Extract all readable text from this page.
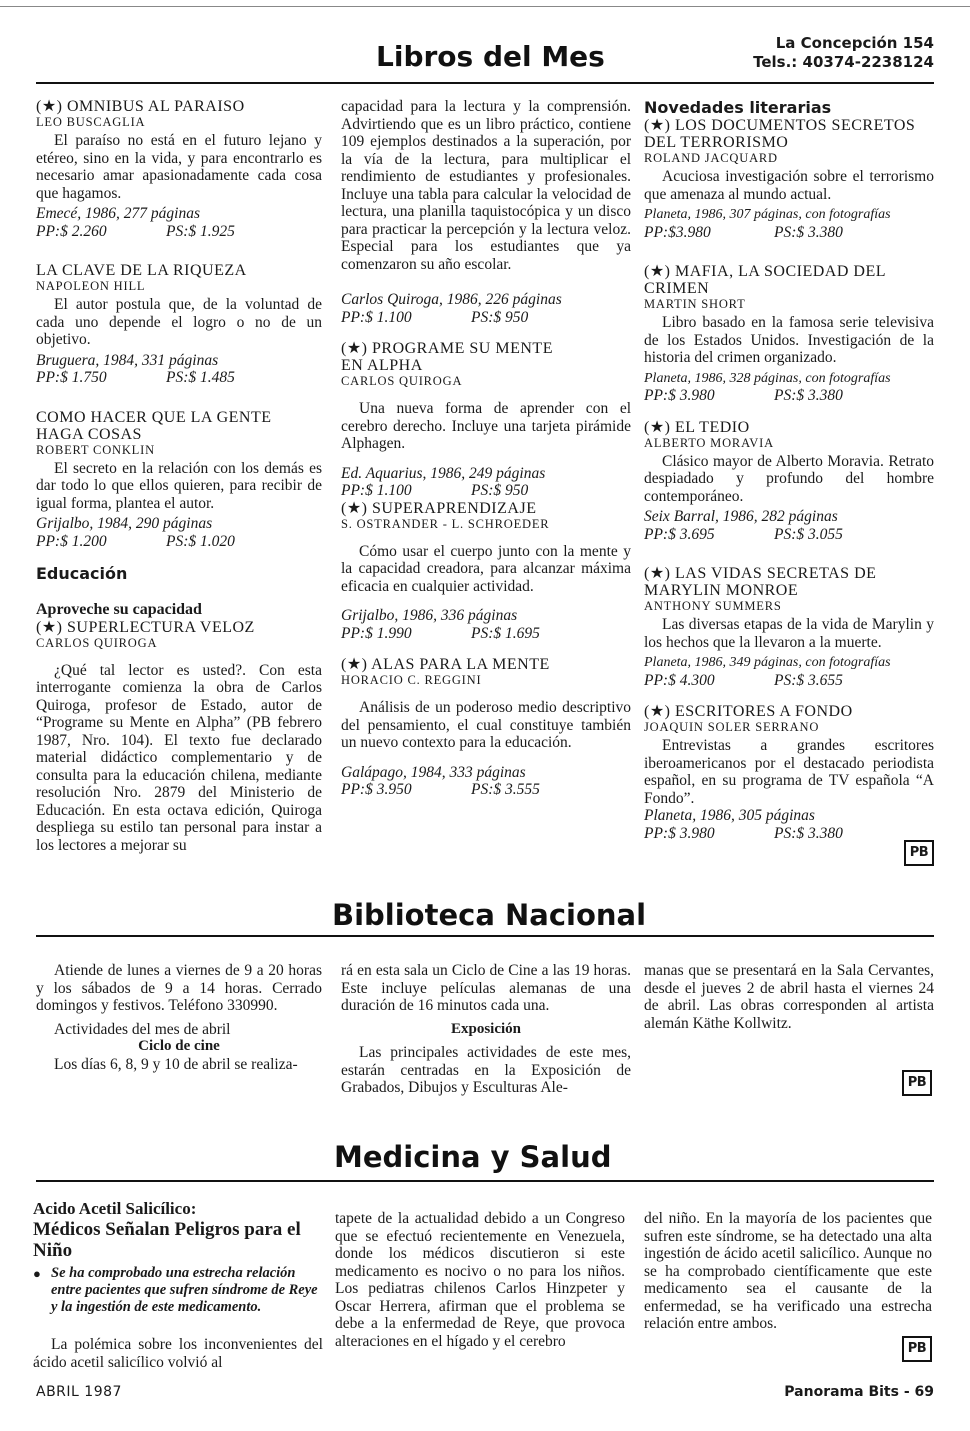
Libros del Mes	La Concepción 154
Tels.: 40374-2238124
(★) OMNIBUS AL PARAISO
LEO BUSCAGLIA

El paraíso no está en el futuro lejano y etéreo, sino en la vida, y para encontrarlo es necesario amar apasionadamente cada cosa que hagamos.

Emecé, 1986, 277 páginas
PP:$ 2.260	PS:$ 1.925
LA CLAVE DE LA RIQUEZA
NAPOLEON HILL

El autor postula que, de la voluntad de cada uno depende el logro o no de un objetivo.

Bruguera, 1984, 331 páginas
PP:$ 1.750	PS:$ 1.485
COMO HACER QUE LA GENTE HAGA COSAS
ROBERT CONKLIN

El secreto en la relación con los demás es dar todo lo que ellos quieren, para recibir de igual forma, plantea el autor.

Grijalbo, 1984, 290 páginas
PP:$ 1.200	PS:$ 1.020
Educación
Aproveche su capacidad
(★) SUPERLECTURA VELOZ
CARLOS QUIROGA

¿Qué tal lector es usted?. Con esta interrogante comienza la obra de Carlos Quiroga, profesor de Estado, autor de “Programe su Mente en Alpha” (PB febrero 1987, Nro. 104). El texto fue declarado material didáctico complementario y de consulta para la educación chilena, mediante resolución Nro. 2879 del Ministerio de Educación. En esta octava edición, Quiroga despliega su estilo tan personal para instar a los lectores a mejorar su

capacidad para la lectura y la comprensión. Advirtiendo que es un libro práctico, contiene 109 ejemplos destinados a la superación, por la vía de la lectura, para multiplicar el rendimiento de estudiantes y profesionales. Incluye una tabla para calcular la velocidad de lectura, una planilla taquistocópica y un disco para practicar la percepción y la lectura veloz. Especial para los estudiantes que ya comenzaron su año escolar.

Carlos Quiroga, 1986, 226 páginas
PP:$ 1.100	PS:$ 950
(★) PROGRAME SU MENTE EN ALPHA
CARLOS QUIROGA

Una nueva forma de aprender con el cerebro derecho. Incluye una tarjeta pirámide Alphagen.

Ed. Aquarius, 1986, 249 páginas
PP:$ 1.100	PS:$ 950
(★) SUPERAPRENDIZAJE
S. OSTRANDER - L. SCHROEDER

Cómo usar el cuerpo junto con la mente y la capacidad creadora, para alcanzar máxima eficacia en cualquier actividad.

Grijalbo, 1986, 336 páginas
PP:$ 1.990	PS:$ 1.695
(★) ALAS PARA LA MENTE
HORACIO C. REGGINI

Análisis de un poderoso medio descriptivo del pensamiento, el cual constituye también un nuevo contexto para la educación.

Galápago, 1984, 333 páginas
PP:$ 3.950	PS:$ 3.555
Novedades literarias
(★) LOS DOCUMENTOS SECRETOS DEL TERRORISMO
ROLAND JACQUARD

Acuciosa investigación sobre el terrorismo que amenaza al mundo actual.

Planeta, 1986, 307 páginas, con fotografías
PP:$3.980	PS:$ 3.380
(★) MAFIA, LA SOCIEDAD DEL CRIMEN
MARTIN SHORT

Libro basado en la famosa serie televisiva de los Estados Unidos. Investigación de la historia del crimen organizado.

Planeta, 1986, 328 páginas, con fotografías
PP:$ 3.980	PS:$ 3.380
(★) EL TEDIO
ALBERTO MORAVIA

Clásico mayor de Alberto Moravia. Retrato despiadado y profundo del hombre contemporáneo.

Seix Barral, 1986, 282 páginas
PP:$ 3.695	PS:$ 3.055
(★) LAS VIDAS SECRETAS DE MARYLIN MONROE
ANTHONY SUMMERS

Las diversas etapas de la vida de Marylin y los hechos que la llevaron a la muerte.

Planeta, 1986, 349 páginas, con fotografías
PP:$ 4.300	PS:$ 3.655
(★) ESCRITORES A FONDO
JOAQUIN SOLER SERRANO

Entrevistas a grandes escritores iberoamericanos por el destacado periodista español, en su programa de TV española “A Fondo”.

Planeta, 1986, 305 páginas
PP:$ 3.980	PS:$ 3.380
PB
Biblioteca Nacional

Atiende de lunes a viernes de 9 a 20 horas y los sábados de 9 a 14 horas. Cerrado domingos y festivos. Teléfono 330990.

Actividades del mes de abril

Ciclo de cine

Los días 6, 8, 9 y 10 de abril se realiza-

rá en esta sala un Ciclo de Cine a las 19 horas. Este incluye películas alemanas de una duración de 16 minutos cada una.

Exposición

Las principales actividades de este mes, estarán centradas en la Exposición de Grabados, Dibujos y Esculturas Ale-

manas que se presentará en la Sala Cervantes, desde el jueves 2 de abril hasta el viernes 24 de abril. Las obras corresponden al artista alemán Käthe Kollwitz.

PB
Medicina y Salud
Acido Acetil Salicílico:
Médicos Señalan Peligros para el Niño
● Se ha comprobado una estrecha relación entre pacientes que sufren síndrome de Reye y la ingestión de este medicamento.

La polémica sobre los inconvenientes del ácido acetil salicílico volvió al

tapete de la actualidad debido a un Congreso que se efectuó recientemente en Venezuela, donde los médicos discutieron si este medicamento es nocivo o no para los niños. Los pediatras chilenos Carlos Hinzpeter y Oscar Herrera, afirman que el problema se debe a la enfermedad de Reye, que provoca alteraciones en el hígado y el cerebro

del niño. En la mayoría de los pacientes que sufren este síndrome, se ha detectado una alta ingestión de ácido acetil salicílico. Aunque no se ha comprobado científicamente que este medicamento sea el causante de la enfermedad, se ha verificado una estrecha relación entre ambos.

PB
ABRIL 1987	Panorama Bits - 69
